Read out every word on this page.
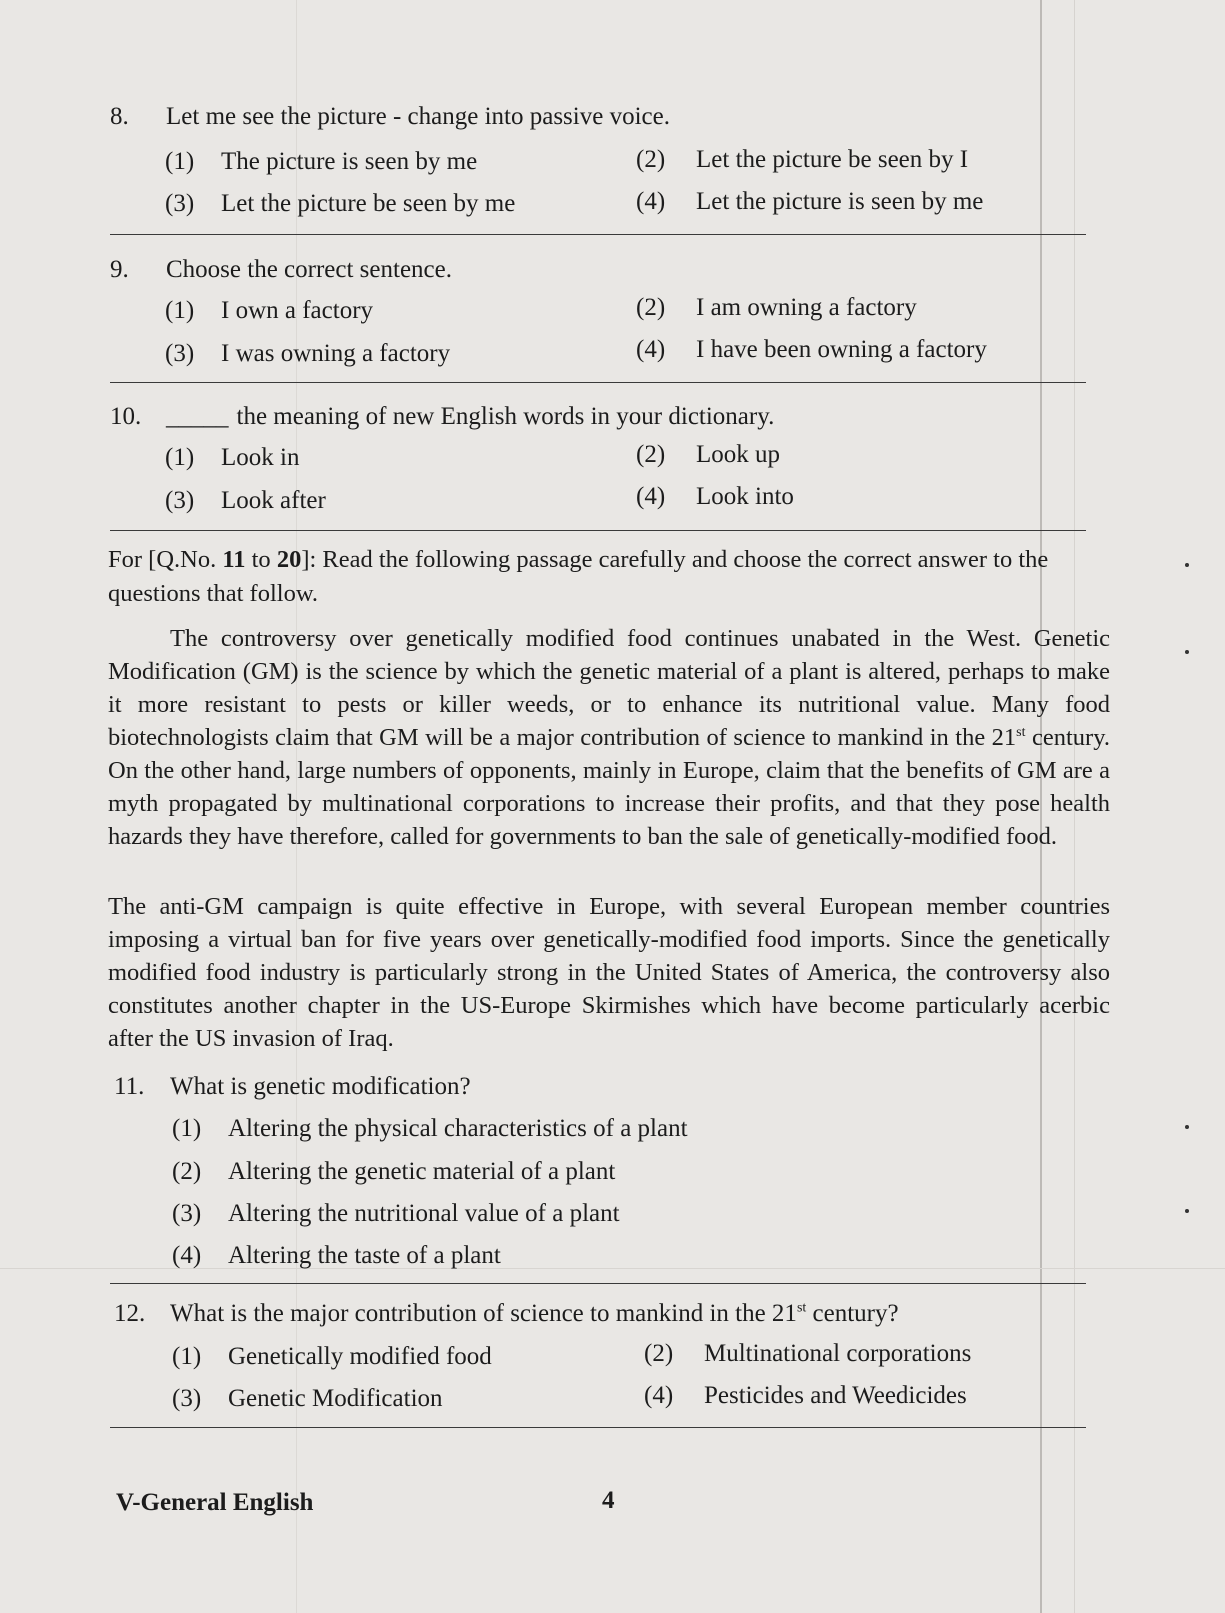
8. Let me see the picture - change into passive voice.
(1) The picture is seen by me	(2) Let the picture be seen by I
(3) Let the picture be seen by me	(4) Let the picture is seen by me
9. Choose the correct sentence.
(1) I own a factory	(2) I am owning a factory
(3) I was owning a factory	(4) I have been owning a factory
10. _____ the meaning of new English words in your dictionary.
(1) Look in	(2) Look up
(3) Look after	(4) Look into
For [Q.No. 11 to 20]: Read the following passage carefully and choose the correct answer to the questions that follow.

The controversy over genetically modified food continues unabated in the West. Genetic Modification (GM) is the science by which the genetic material of a plant is altered, perhaps to make it more resistant to pests or killer weeds, or to enhance its nutritional value. Many food biotechnologists claim that GM will be a major contribution of science to mankind in the 21st century. On the other hand, large numbers of opponents, mainly in Europe, claim that the benefits of GM are a myth propagated by multinational corporations to increase their profits, and that they pose health hazards they have therefore, called for governments to ban the sale of genetically-modified food.

The anti-GM campaign is quite effective in Europe, with several European member countries imposing a virtual ban for five years over genetically-modified food imports. Since the genetically modified food industry is particularly strong in the United States of America, the controversy also constitutes another chapter in the US-Europe Skirmishes which have become particularly acerbic after the US invasion of Iraq.

11. What is genetic modification?
(1) Altering the physical characteristics of a plant
(2) Altering the genetic material of a plant
(3) Altering the nutritional value of a plant
(4) Altering the taste of a plant
12. What is the major contribution of science to mankind in the 21st century?
(1) Genetically modified food	(2) Multinational corporations
(3) Genetic Modification	(4) Pesticides and Weedicides
V-General English	4
